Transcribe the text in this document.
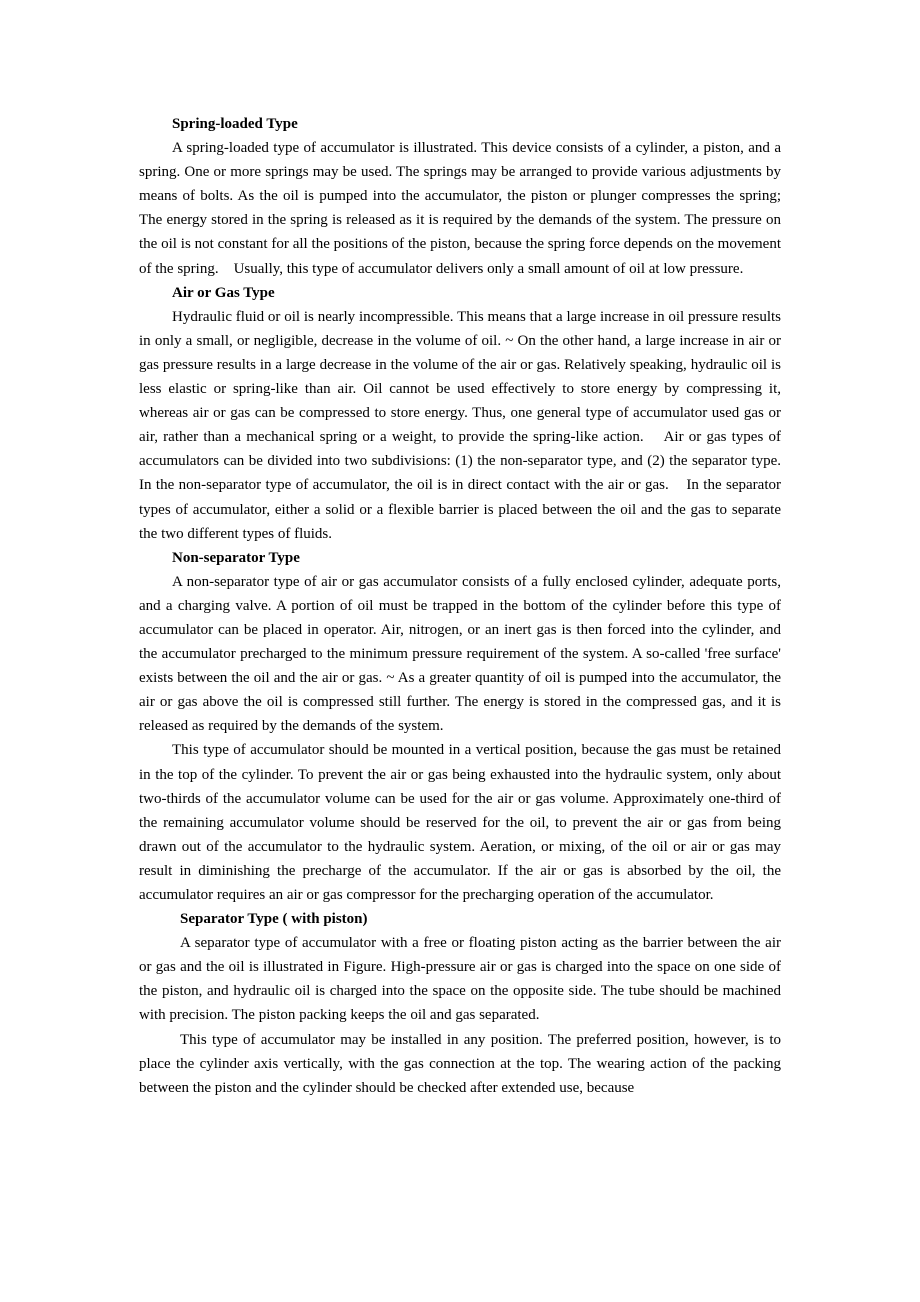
Spring-loaded Type

A spring-loaded type of accumulator is illustrated. This device consists of a cylinder, a piston, and a spring. One or more springs may be used. The springs may be arranged to provide various adjustments by means of bolts. As the oil is pumped into the accumulator, the piston or plunger compresses the spring; The energy stored in the spring is released as it is required by the demands of the system. The pressure on the oil is not constant for all the positions of the piston, because the spring force depends on the movement of the spring.    Usually, this type of accumulator delivers only a small amount of oil at low pressure.

Air or Gas Type

Hydraulic fluid or oil is nearly incompressible. This means that a large increase in oil pressure results in only a small, or negligible, decrease in the volume of oil. ~ On the other hand, a large increase in air or gas pressure results in a large decrease in the volume of the air or gas. Relatively speaking, hydraulic oil is less elastic or spring-like than air. Oil cannot be used effectively to store energy by compressing it, whereas air or gas can be compressed to store energy. Thus, one general type of accumulator used gas or air, rather than a mechanical spring or a weight, to provide the spring-like action.    Air or gas types of accumulators can be divided into two subdivisions: (1) the non-separator type, and (2) the separator type. In the non-separator type of accumulator, the oil is in direct contact with the air or gas.    In the separator types of accumulator, either a solid or a flexible barrier is placed between the oil and the gas to separate the two different types of fluids.

Non-separator Type

A non-separator type of air or gas accumulator consists of a fully enclosed cylinder, adequate ports, and a charging valve. A portion of oil must be trapped in the bottom of the cylinder before this type of accumulator can be placed in operator. Air, nitrogen, or an inert gas is then forced into the cylinder, and the accumulator precharged to the minimum pressure requirement of the system. A so-called 'free surface' exists between the oil and the air or gas. ~ As a greater quantity of oil is pumped into the accumulator, the air or gas above the oil is compressed still further. The energy is stored in the compressed gas, and it is released as required by the demands of the system.

This type of accumulator should be mounted in a vertical position, because the gas must be retained in the top of the cylinder. To prevent the air or gas being exhausted into the hydraulic system, only about two-thirds of the accumulator volume can be used for the air or gas volume. Approximately one-third of the remaining accumulator volume should be reserved for the oil, to prevent the air or gas from being drawn out of the accumulator to the hydraulic system. Aeration, or mixing, of the oil or air or gas may result in diminishing the precharge of the accumulator. If the air or gas is absorbed by the oil, the accumulator requires an air or gas compressor for the precharging operation of the accumulator.

Separator Type ( with piston)

A separator type of accumulator with a free or floating piston acting as the barrier between the air or gas and the oil is illustrated in Figure. High-pressure air or gas is charged into the space on one side of the piston, and hydraulic oil is charged into the space on the opposite side. The tube should be machined with precision. The piston packing keeps the oil and gas separated.

This type of accumulator may be installed in any position. The preferred position, however, is to place the cylinder axis vertically, with the gas connection at the top. The wearing action of the packing between the piston and the cylinder should be checked after extended use, because
